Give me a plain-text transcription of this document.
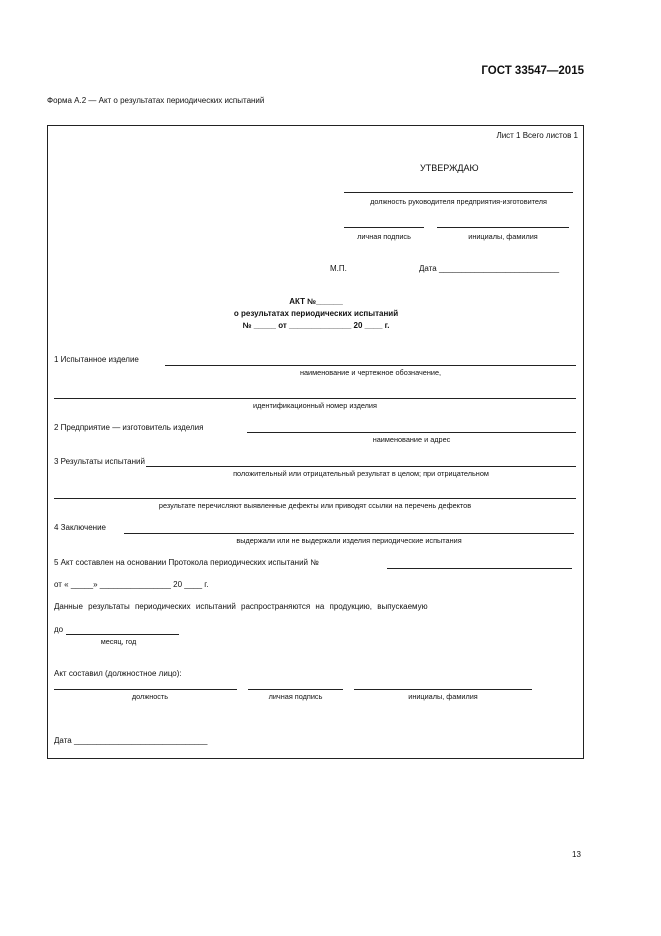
ГОСТ 33547—2015
Форма А.2 — Акт о результатах периодических испытаний
Лист 1 Всего листов 1
УТВЕРЖДАЮ
должность руководителя предприятия-изготовителя
личная подпись	инициалы, фамилия
М.П.	Дата ___________________________
АКТ №______
о результатах периодических испытаний
№ _____ от ______________ 20 ____ г.
1 Испытанное изделие
наименование и чертежное обозначение,
идентификационный номер изделия
2 Предприятие — изготовитель изделия
наименование и адрес
3 Результаты испытаний
положительный или отрицательный результат в целом; при отрицательном
результате перечисляют выявленные дефекты или приводят ссылки на перечень дефектов
4 Заключение
выдержали или не выдержали изделия периодические испытания
5 Акт составлен на основании Протокола периодических испытаний №
от « _____» ________________ 20 ____ г.
Данные результаты периодических испытаний распространяются на продукцию, выпускаемую
до
месяц, год
Акт составил (должностное лицо):
должность	личная подпись	инициалы, фамилия
Дата ______________________________
13
